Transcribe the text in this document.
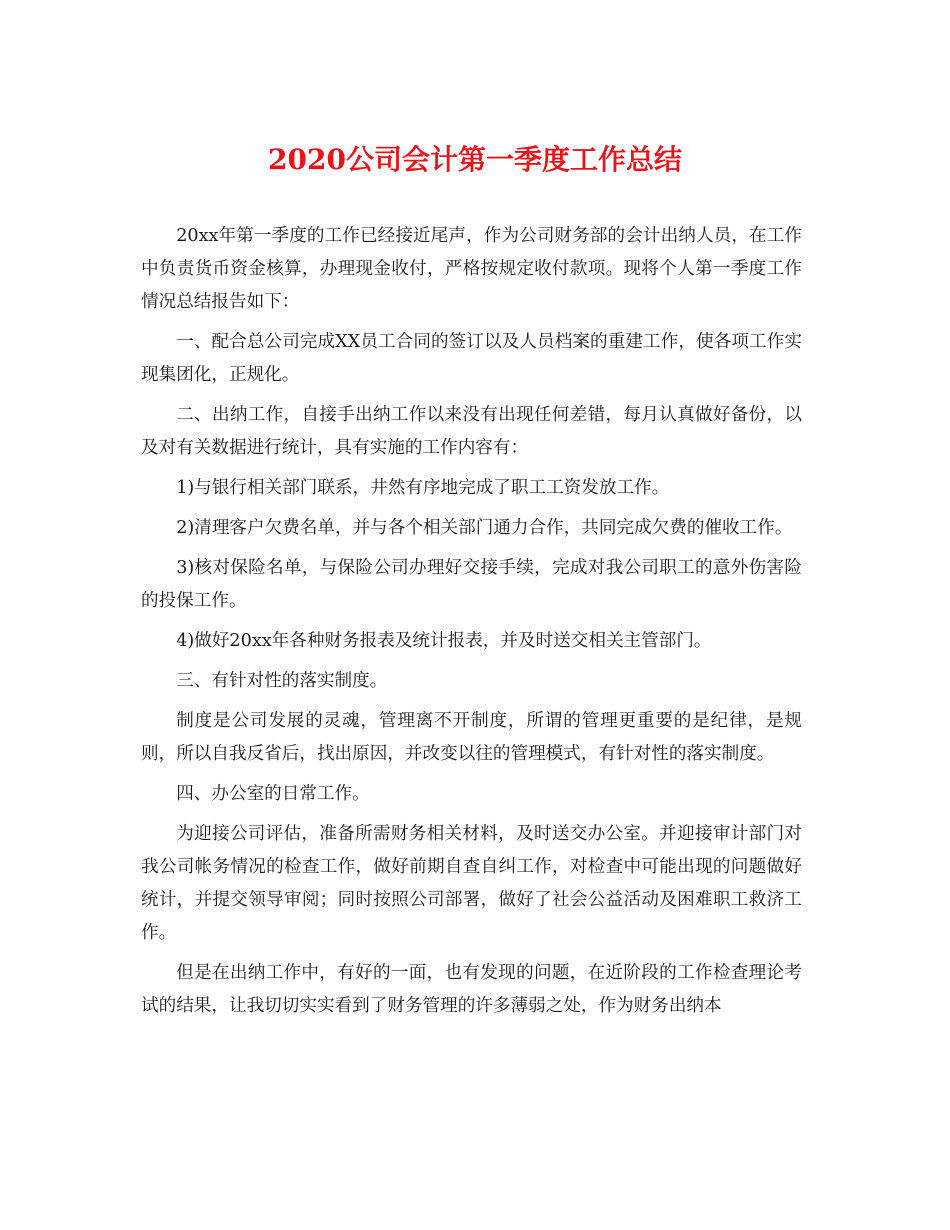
2020公司会计第一季度工作总结

20xx年第一季度的工作已经接近尾声，作为公司财务部的会计出纳人员，在工作中负责货币资金核算，办理现金收付，严格按规定收付款项。现将个人第一季度工作情况总结报告如下：

一、配合总公司完成XX员工合同的签订以及人员档案的重建工作，使各项工作实现集团化，正规化。

二、出纳工作，自接手出纳工作以来没有出现任何差错，每月认真做好备份，以及对有关数据进行统计，具有实施的工作内容有：

1)与银行相关部门联系，井然有序地完成了职工工资发放工作。

2)清理客户欠费名单，并与各个相关部门通力合作，共同完成欠费的催收工作。

3)核对保险名单，与保险公司办理好交接手续，完成对我公司职工的意外伤害险的投保工作。

4)做好20xx年各种财务报表及统计报表，并及时送交相关主管部门。

三、有针对性的落实制度。

制度是公司发展的灵魂，管理离不开制度，所谓的管理更重要的是纪律，是规则，所以自我反省后，找出原因，并改变以往的管理模式，有针对性的落实制度。

四、办公室的日常工作。

为迎接公司评估，准备所需财务相关材料，及时送交办公室。并迎接审计部门对我公司帐务情况的检查工作，做好前期自查自纠工作，对检查中可能出现的问题做好统计，并提交领导审阅；同时按照公司部署，做好了社会公益活动及困难职工救济工作。

但是在出纳工作中，有好的一面，也有发现的问题，在近阶段的工作检查理论考试的结果，让我切切实实看到了财务管理的许多薄弱之处，作为财务出纳本
